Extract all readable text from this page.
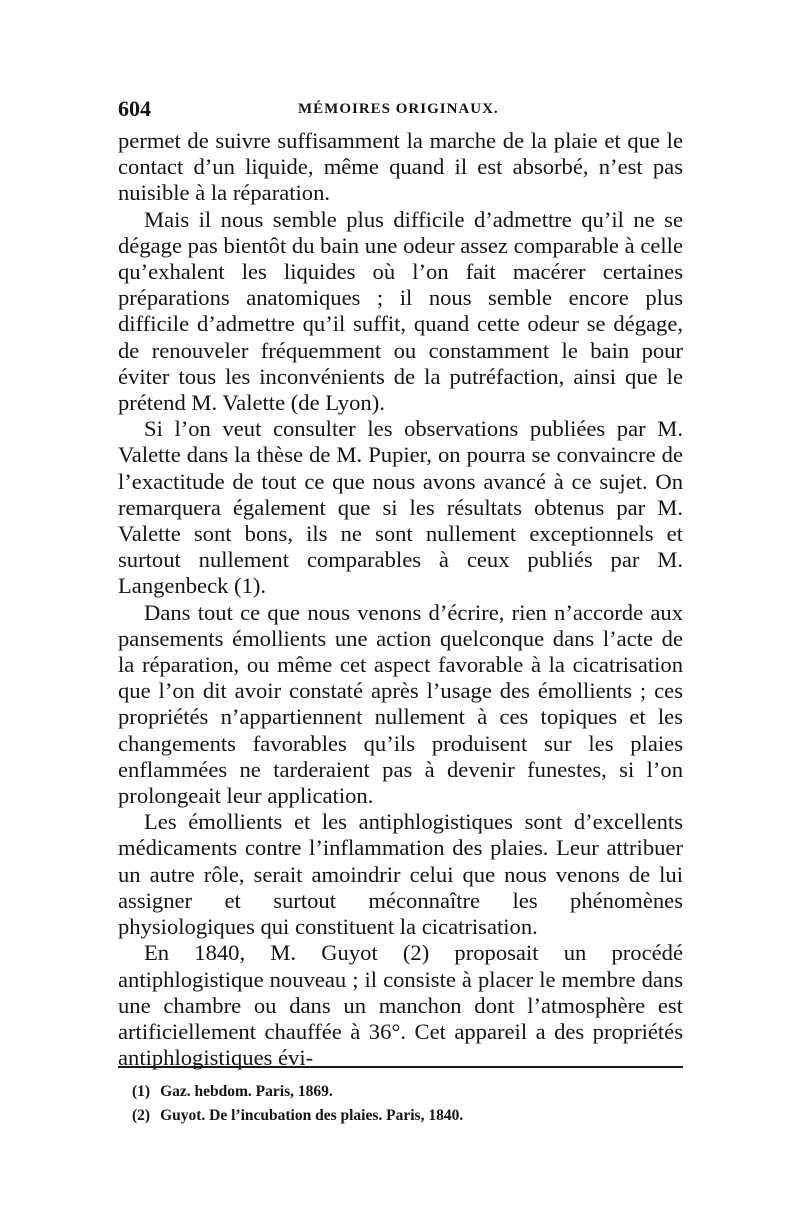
604	MÉMOIRES ORIGINAUX.

permet de suivre suffisamment la marche de la plaie et que le contact d’un liquide, même quand il est absorbé, n’est pas nuisible à la réparation.

Mais il nous semble plus difficile d’admettre qu’il ne se dégage pas bientôt du bain une odeur assez comparable à celle qu’exhalent les liquides où l’on fait macérer certaines préparations anatomiques ; il nous semble encore plus difficile d’admettre qu’il suffit, quand cette odeur se dégage, de renouveler fréquemment ou constamment le bain pour éviter tous les inconvénients de la putréfaction, ainsi que le prétend M. Valette (de Lyon).

Si l’on veut consulter les observations publiées par M. Valette dans la thèse de M. Pupier, on pourra se convaincre de l’exactitude de tout ce que nous avons avancé à ce sujet. On remarquera également que si les résultats obtenus par M. Valette sont bons, ils ne sont nullement exceptionnels et surtout nullement comparables à ceux publiés par M. Langenbeck (1).

Dans tout ce que nous venons d’écrire, rien n’accorde aux pansements émollients une action quelconque dans l’acte de la réparation, ou même cet aspect favorable à la cicatrisation que l’on dit avoir constaté après l’usage des émollients ; ces propriétés n’appartiennent nullement à ces topiques et les changements favorables qu’ils produisent sur les plaies enflammées ne tarderaient pas à devenir funestes, si l’on prolongeait leur application.

Les émollients et les antiphlogistiques sont d’excellents médicaments contre l’inflammation des plaies. Leur attribuer un autre rôle, serait amoindrir celui que nous venons de lui assigner et surtout méconnaître les phénomènes physiologiques qui constituent la cicatrisation.

En 1840, M. Guyot (2) proposait un procédé antiphlogistique nouveau ; il consiste à placer le membre dans une chambre ou dans un manchon dont l’atmosphère est artificiellement chauffée à 36°. Cet appareil a des propriétés antiphlogistiques évi-

(1) Gaz. hebdom. Paris, 1869.
(2) Guyot. De l’incubation des plaies. Paris, 1840.
